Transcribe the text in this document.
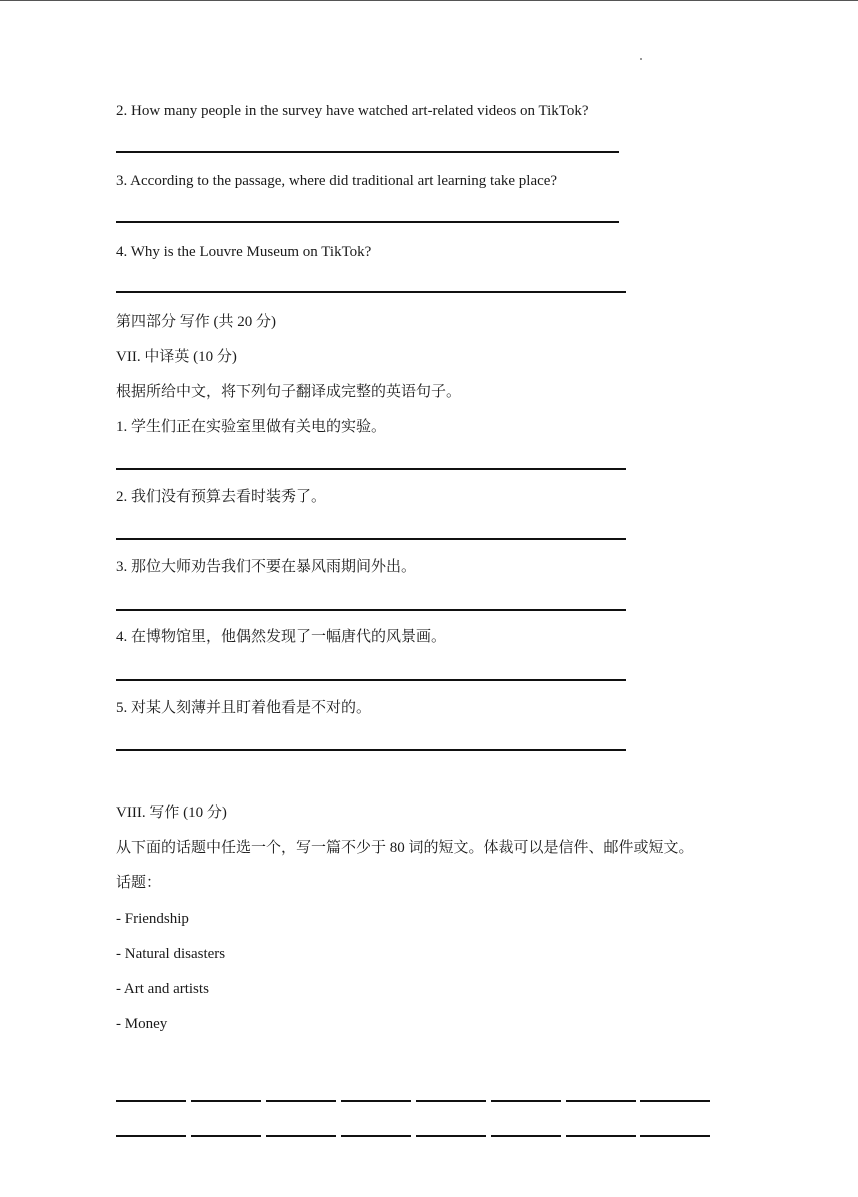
2. How many people in the survey have watched art-related videos on TikTok?
3. According to the passage, where did traditional art learning take place?
4. Why is the Louvre Museum on TikTok?
第四部分 写作 (共 20 分)
VII. 中译英 (10 分)
根据所给中文，将下列句子翻译成完整的英语句子。
1. 学生们正在实验室里做有关电的实验。
2. 我们没有预算去看时装秀了。
3. 那位大师劝告我们不要在暴风雨期间外出。
4. 在博物馆里，他偶然发现了一幅唐代的风景画。
5. 对某人刻薄并且盯着他看是不对的。
VIII. 写作 (10 分)
从下面的话题中任选一个，写一篇不少于 80 词的短文。体裁可以是信件、邮件或短文。
话题：
- Friendship
- Natural disasters
- Art and artists
- Money
